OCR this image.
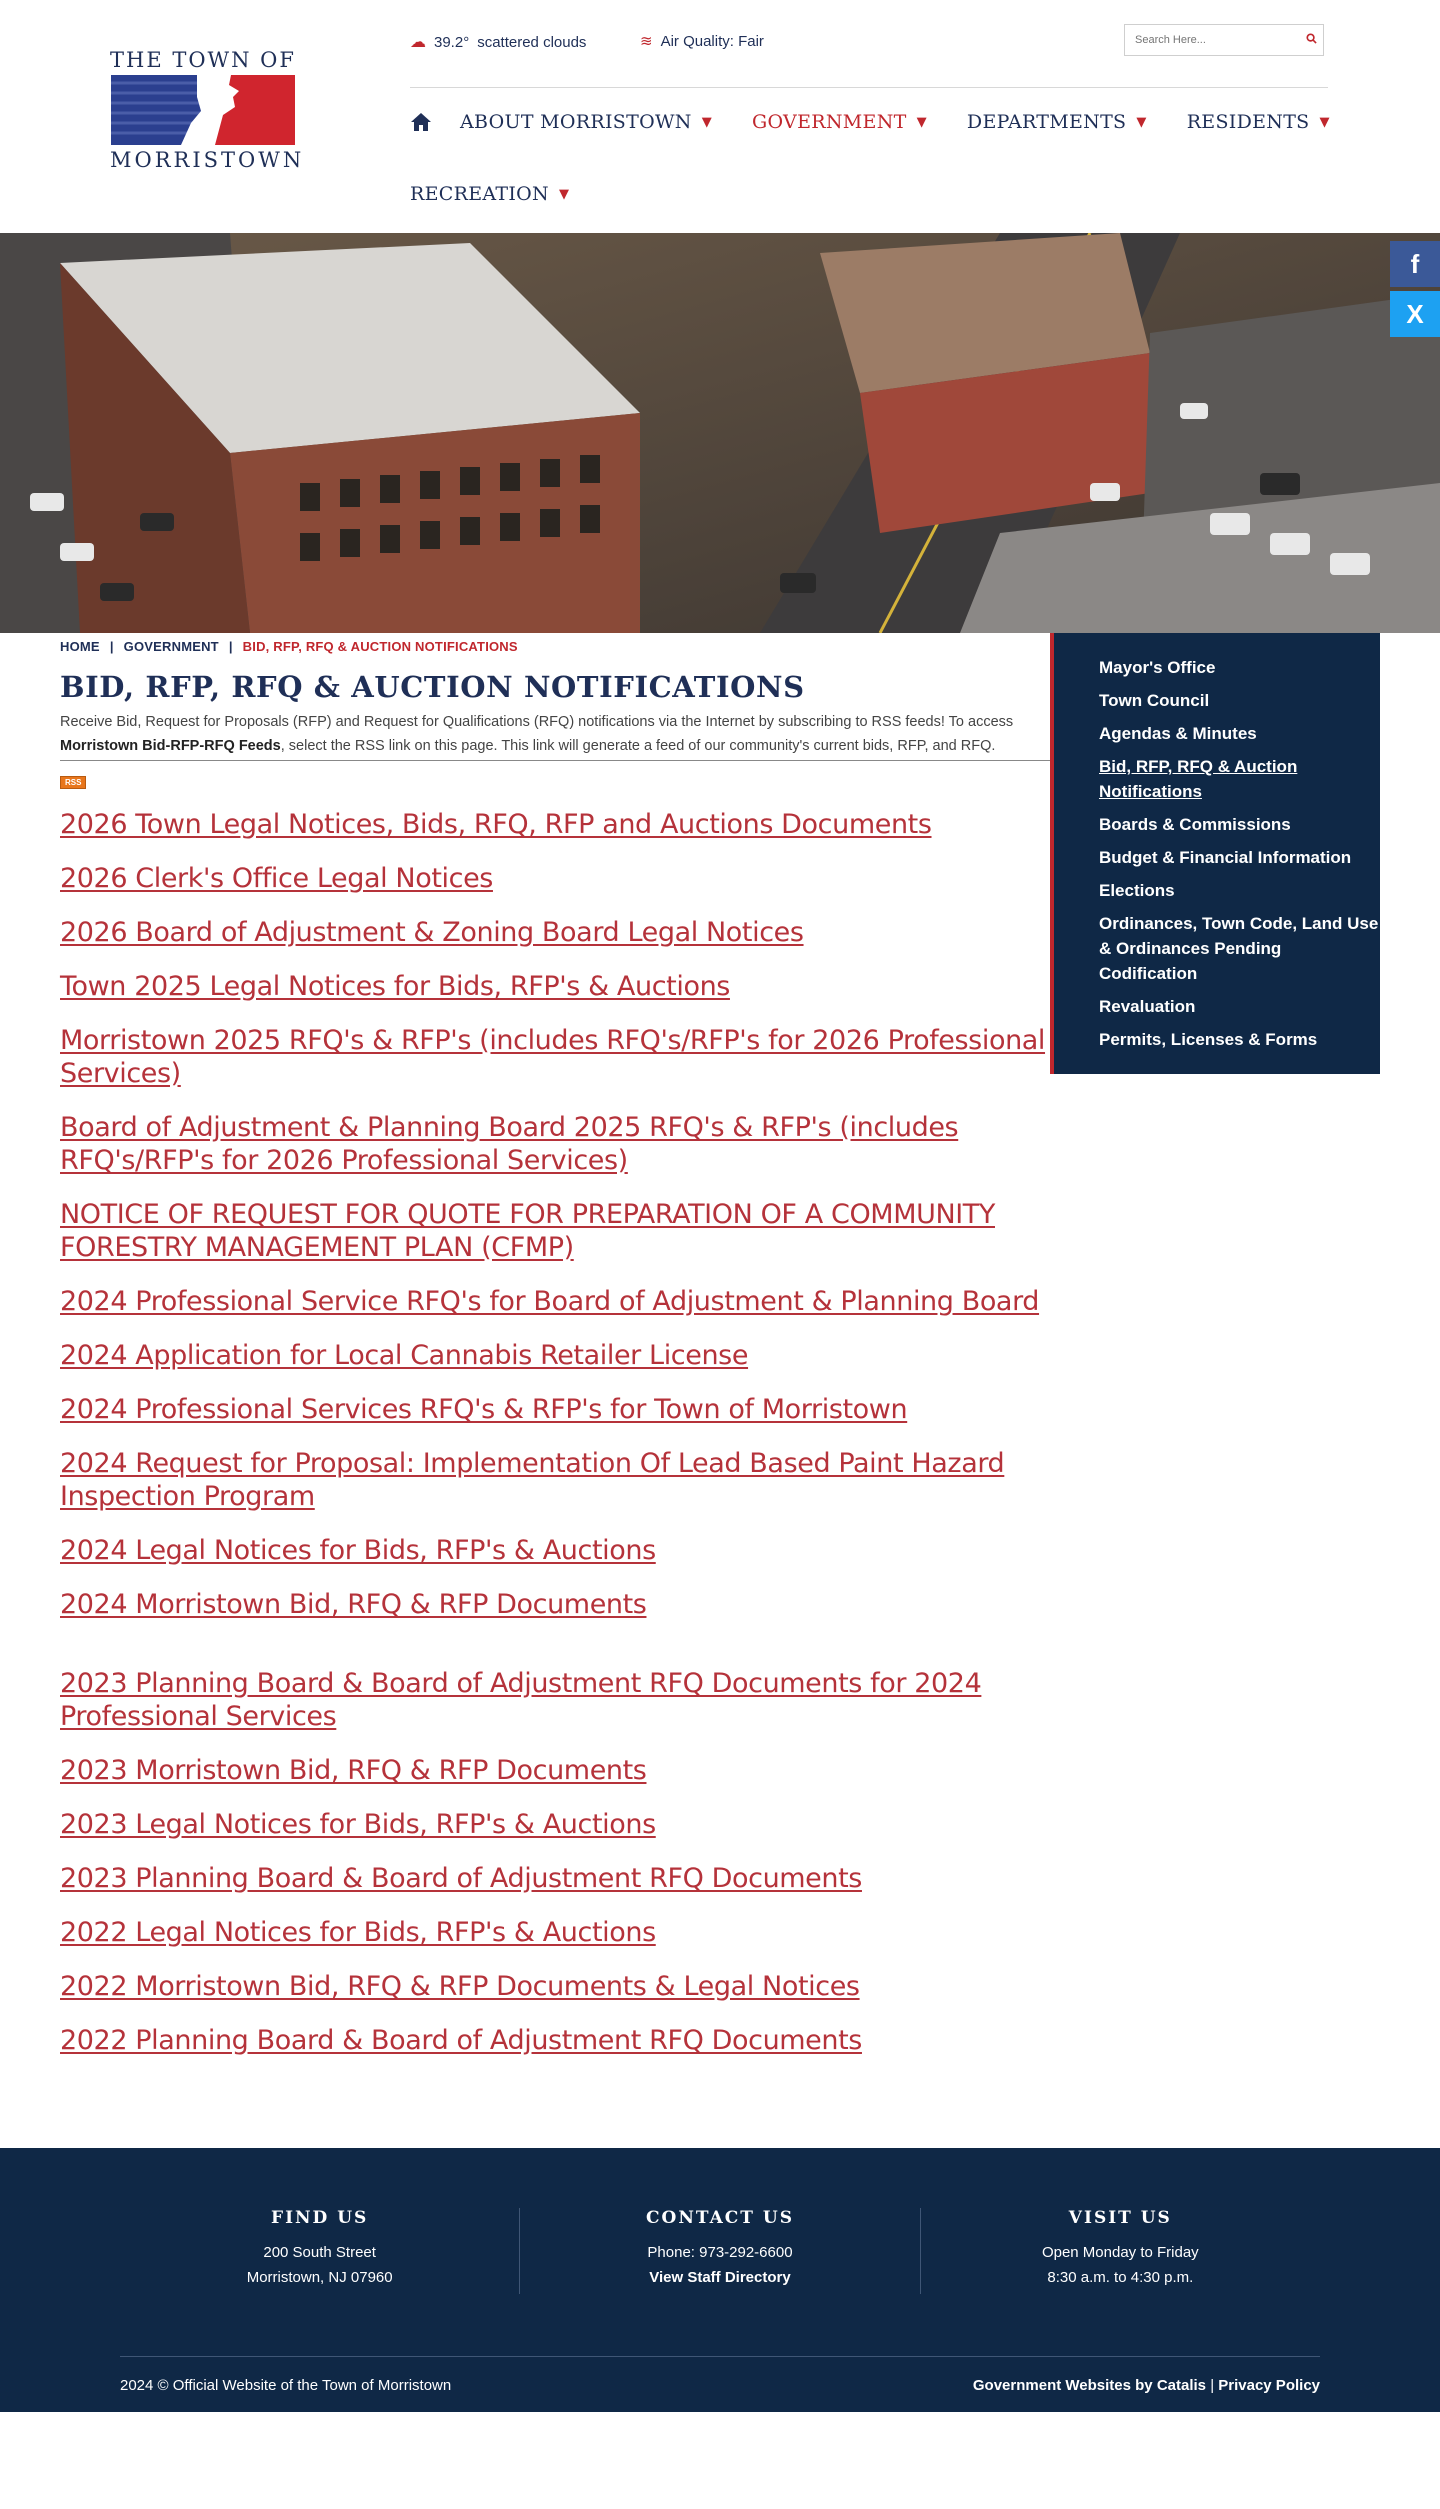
THE TOWN OF
MORRISTOWN
☁ 39.2° scattered clouds	≋ Air Quality: Fair
Search Here...
ABOUT MORRISTOWN ▼ GOVERNMENT ▼ DEPARTMENTS ▼ RESIDENTS ▼
RECREATION ▼
f
X
HOME | GOVERNMENT | BID, RFP, RFQ & AUCTION NOTIFICATIONS
BID, RFP, RFQ & AUCTION NOTIFICATIONS

Receive Bid, Request for Proposals (RFP) and Request for Qualifications (RFQ) notifications via the Internet by subscribing to RSS feeds! To access Morristown Bid-RFP-RFQ Feeds, select the RSS link on this page. This link will generate a feed of our community's current bids, RFP, and RFQ.

RSS
2026 Town Legal Notices, Bids, RFQ, RFP and Auctions Documents
2026 Clerk's Office Legal Notices
2026 Board of Adjustment & Zoning Board Legal Notices
Town 2025 Legal Notices for Bids, RFP's & Auctions
Morristown 2025 RFQ's & RFP's (includes RFQ's/RFP's for 2026 Professional Services)
Board of Adjustment & Planning Board 2025 RFQ's & RFP's (includes RFQ's/RFP's for 2026 Professional Services)
NOTICE OF REQUEST FOR QUOTE FOR PREPARATION OF A COMMUNITY FORESTRY MANAGEMENT PLAN (CFMP)
2024 Professional Service RFQ's for Board of Adjustment & Planning Board
2024 Application for Local Cannabis Retailer License
2024 Professional Services RFQ's & RFP's for Town of Morristown
2024 Request for Proposal: Implementation Of Lead Based Paint Hazard Inspection Program
2024 Legal Notices for Bids, RFP's & Auctions
2024 Morristown Bid, RFQ & RFP Documents
2023 Planning Board & Board of Adjustment RFQ Documents for 2024 Professional Services
2023 Morristown Bid, RFQ & RFP Documents
2023 Legal Notices for Bids, RFP's & Auctions
2023 Planning Board & Board of Adjustment RFQ Documents
2022 Legal Notices for Bids, RFP's & Auctions
2022 Morristown Bid, RFQ & RFP Documents & Legal Notices
2022 Planning Board & Board of Adjustment RFQ Documents
Mayor's Office
Town Council
Agendas & Minutes
Bid, RFP, RFQ & Auction Notifications
Boards & Commissions
Budget & Financial Information
Elections
Ordinances, Town Code, Land Use & Ordinances Pending Codification
Revaluation
Permits, Licenses & Forms
FIND US

200 South Street

Morristown, NJ 07960

CONTACT US

Phone: 973-292-6600

View Staff Directory

VISIT US

Open Monday to Friday

8:30 a.m. to 4:30 p.m.

2024 © Official Website of the Town of Morristown	Government Websites by Catalis | Privacy Policy
